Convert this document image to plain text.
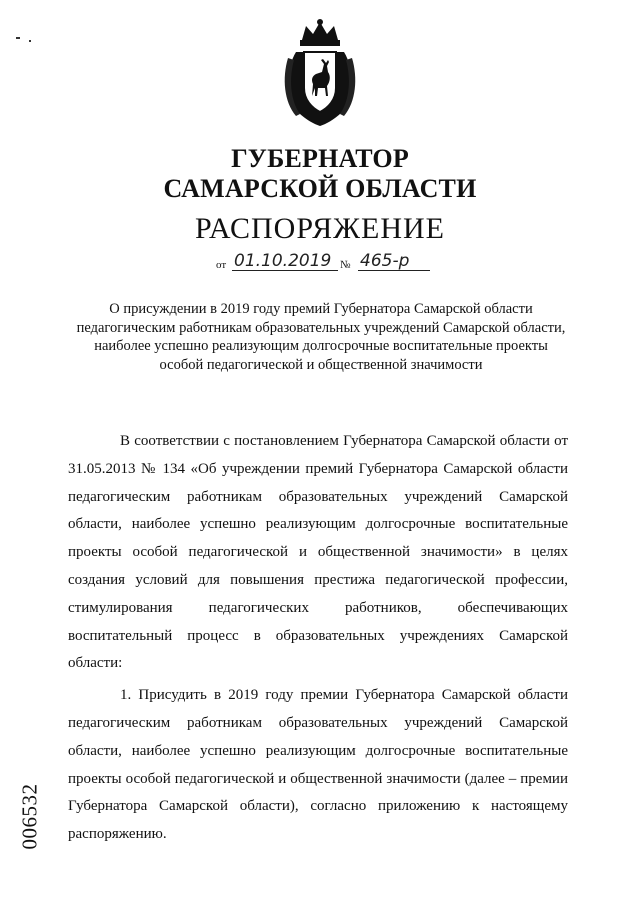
ГУБЕРНАТОР
САМАРСКОЙ ОБЛАСТИ
РАСПОРЯЖЕНИЕ
от 01.10.2019 № 465-р
О присуждении в 2019 году премий Губернатора Самарской области
педагогическим работникам образовательных учреждений Самарской области,
наиболее успешно реализующим долгосрочные воспитательные проекты
особой педагогической и общественной значимости

В соответствии с постановлением Губернатора Самарской области от 31.05.2013 № 134 «Об учреждении премий Губернатора Самарской области педагогическим работникам образовательных учреждений Самарской области, наиболее успешно реализующим долгосрочные воспитательные проекты особой педагогической и общественной значимости» в целях создания условий для повышения престижа педагогической профессии, стимулирования педагогических работников, обеспечивающих воспитательный процесс в образовательных учреждениях Самарской области:

1. Присудить в 2019 году премии Губернатора Самарской области педагогическим работникам образовательных учреждений Самарской области, наиболее успешно реализующим долгосрочные воспитательные проекты особой педагогической и общественной значимости (далее – премии Губернатора Самарской области), согласно приложению к настоящему распоряжению.

006532
